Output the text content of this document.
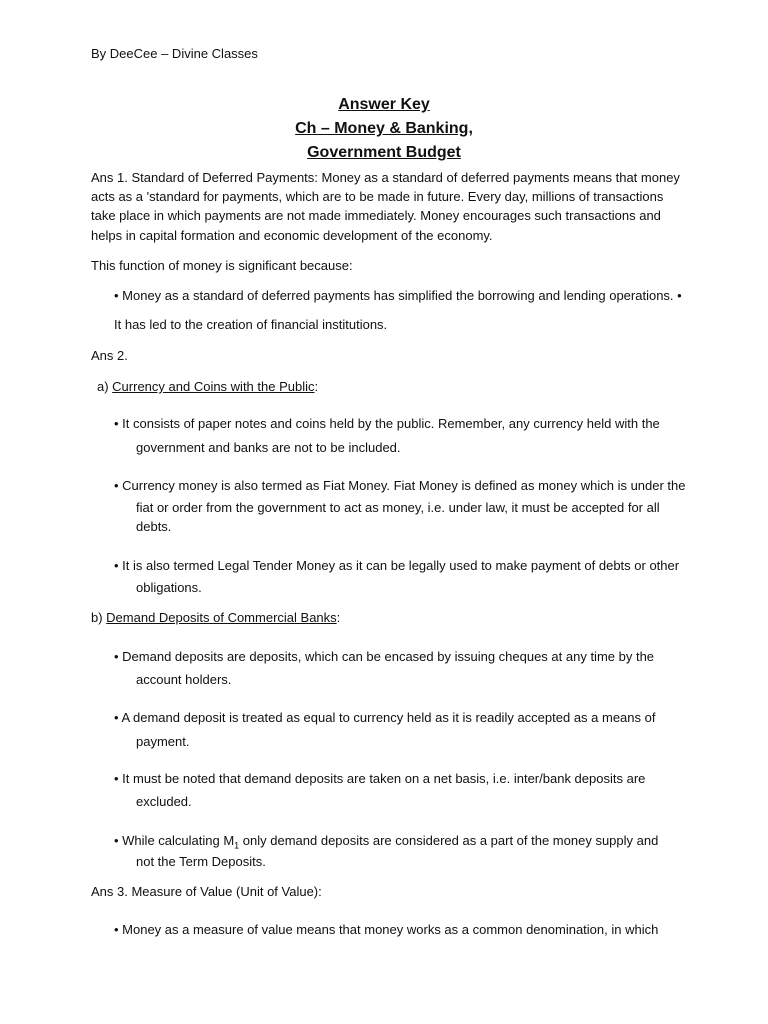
By DeeCee – Divine Classes
Answer Key
Ch – Money & Banking,
Government Budget
Ans 1. Standard of Deferred Payments: Money as a standard of deferred payments means that money
acts as a 'standard for payments, which are to be made in future. Every day, millions of transactions
take place in which payments are not made immediately. Money encourages such transactions and
helps in capital formation and economic development of the economy.
This function of money is significant because:
• Money as a standard of deferred payments has simplified the borrowing and lending operations. •
It has led to the creation of financial institutions.
Ans 2.
a) Currency and Coins with the Public:
• It consists of paper notes and coins held by the public. Remember, any currency held with the
government and banks are not to be included.
• Currency money is also termed as Fiat Money. Fiat Money is defined as money which is under the
fiat or order from the government to act as money, i.e. under law, it must be accepted for all
debts.
• It is also termed Legal Tender Money as it can be legally used to make payment of debts or other
obligations.
b) Demand Deposits of Commercial Banks:
• Demand deposits are deposits, which can be encased by issuing cheques at any time by the
account holders.
• A demand deposit is treated as equal to currency held as it is readily accepted as a means of
payment.
• It must be noted that demand deposits are taken on a net basis, i.e. inter/bank deposits are
excluded.
• While calculating $M_1$ only demand deposits are considered as a part of the money supply and
not the Term Deposits.
Ans 3. Measure of Value (Unit of Value):
• Money as a measure of value means that money works as a common denomination, in which
